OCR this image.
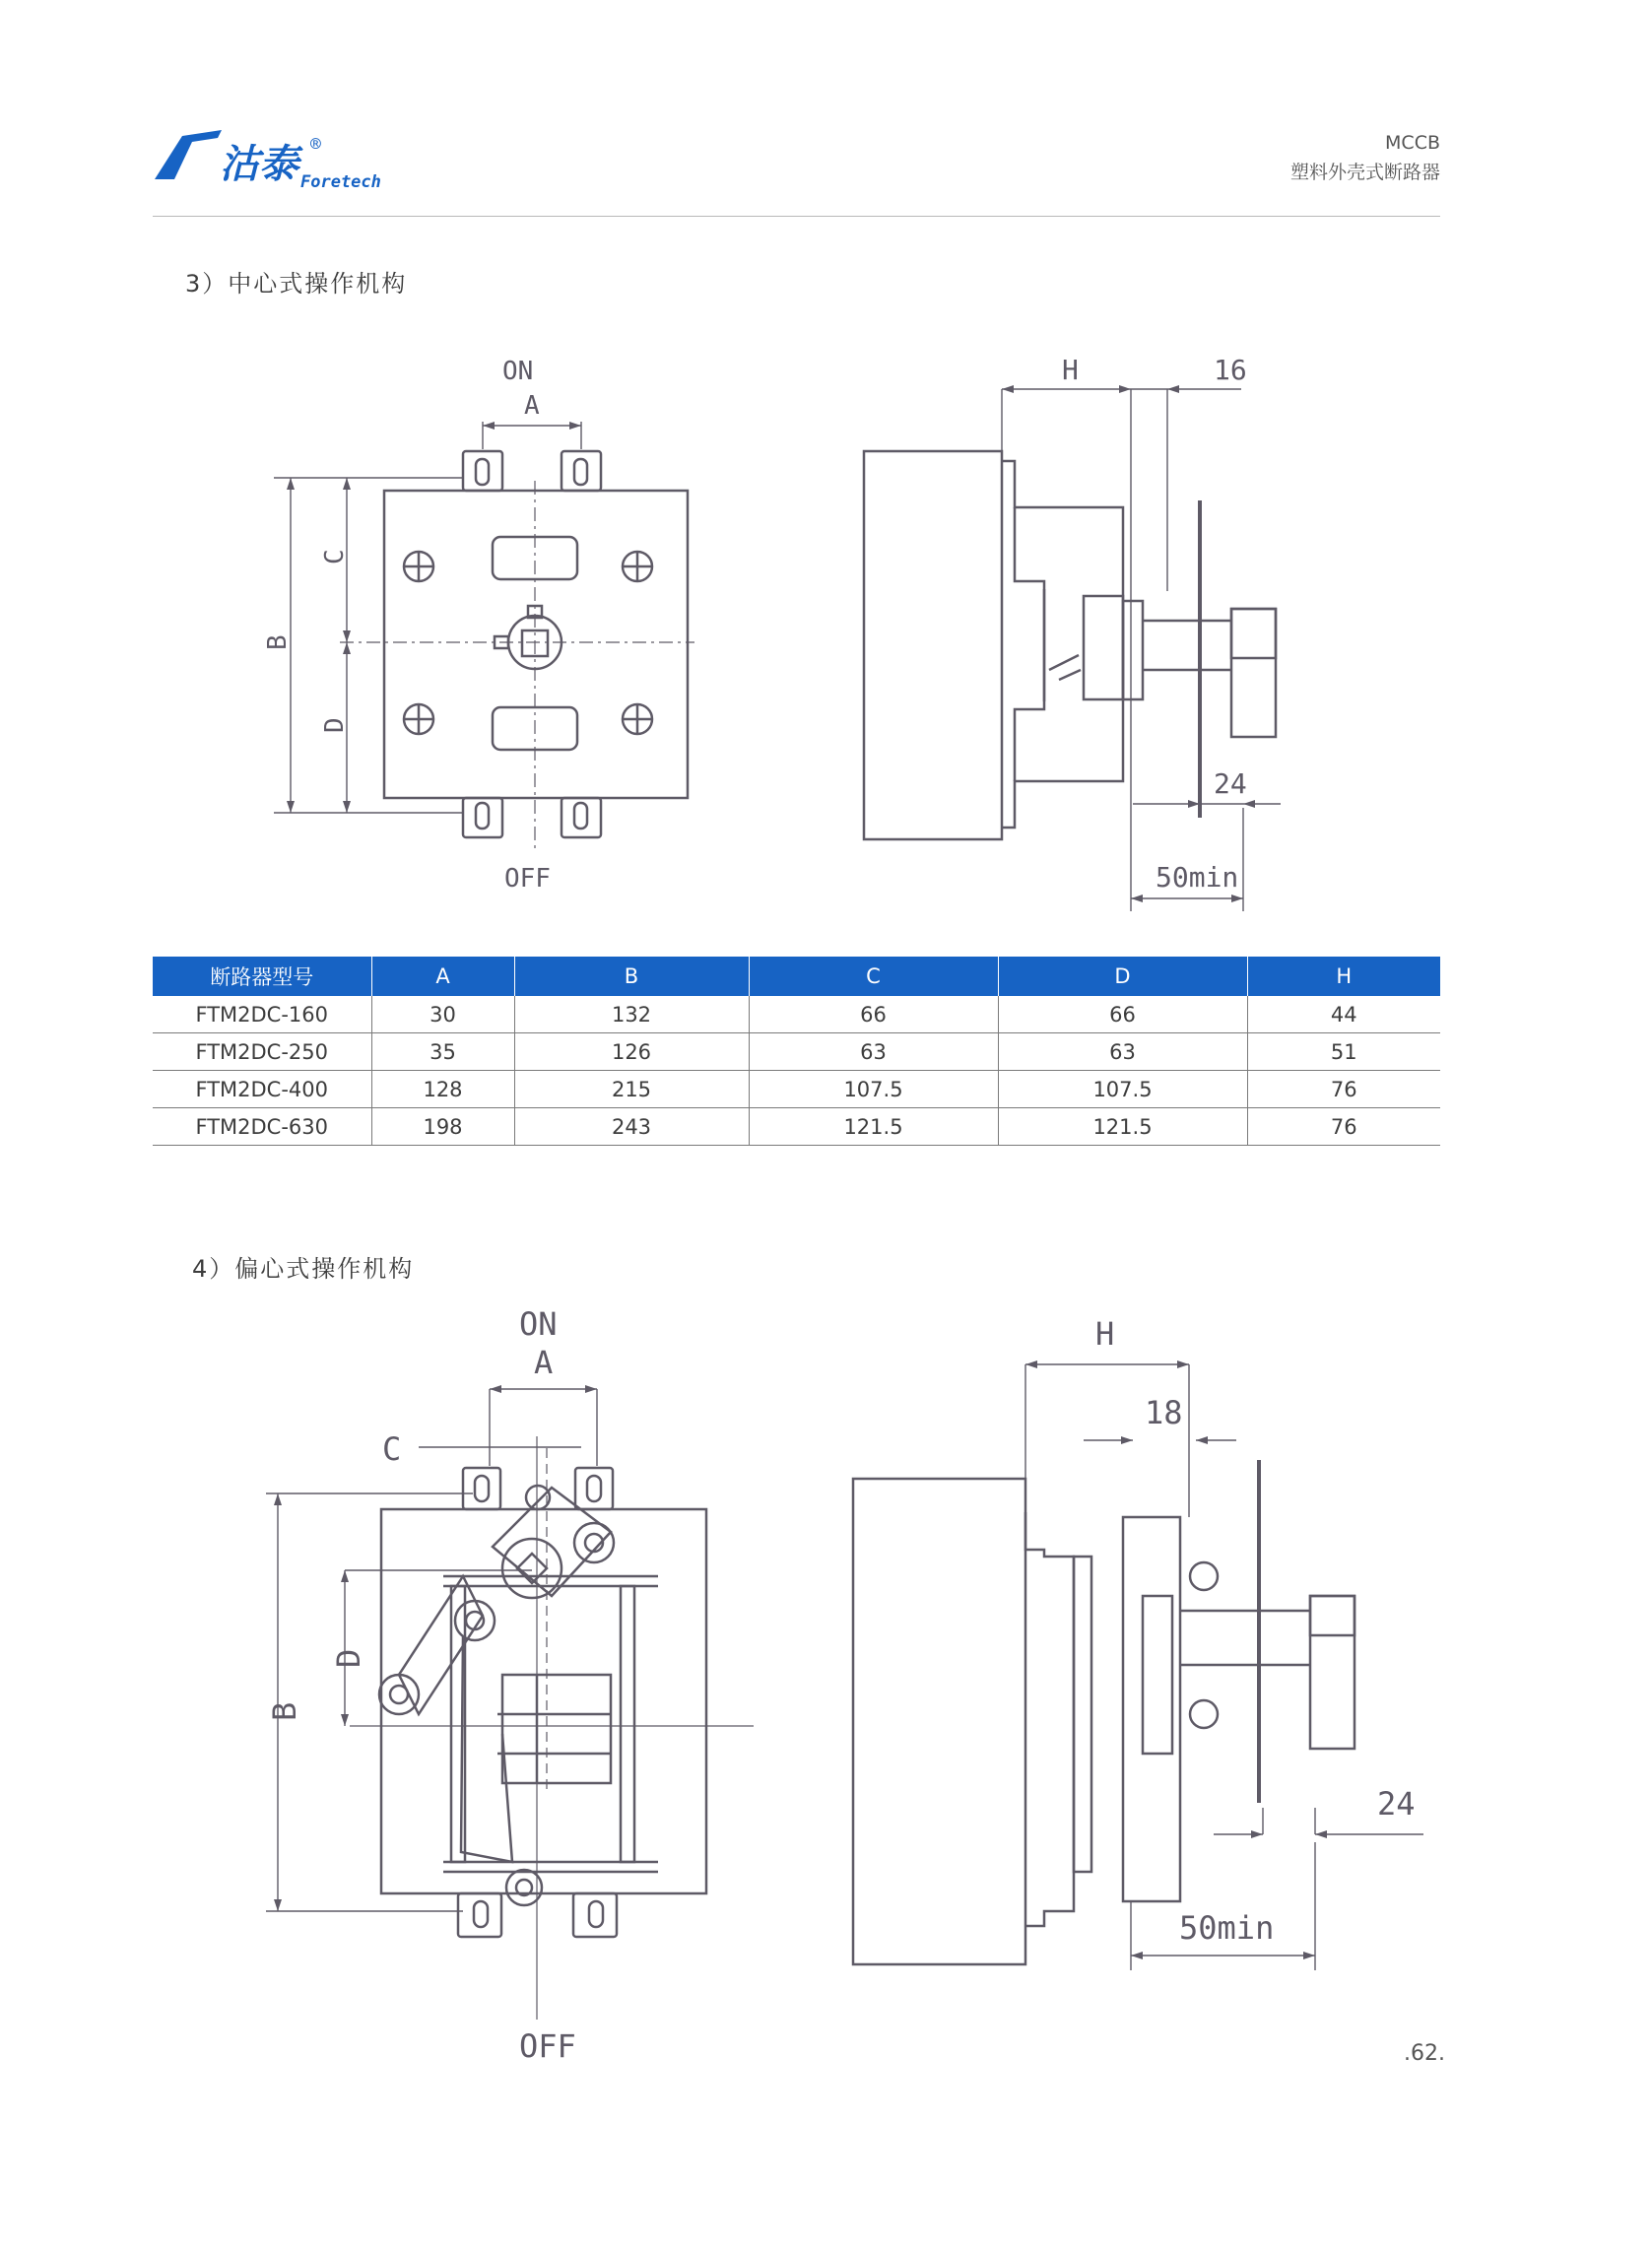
沽泰 Foretech
®	MCCB
塑料外壳式断路器
3）中心式操作机构
ON
A
B
C
D
OFF
H	16
24
50min
断路器型号	A	B	C	D	H
FTM2DC-160	30	132	66	66	44
FTM2DC-250	35	126	63	63	51
FTM2DC-400	128	215	107.5	107.5	76
FTM2DC-630	198	243	121.5	121.5	76
4）偏心式操作机构
ON
A
C
B
D
OFF
H
18
24
50min
.62.
